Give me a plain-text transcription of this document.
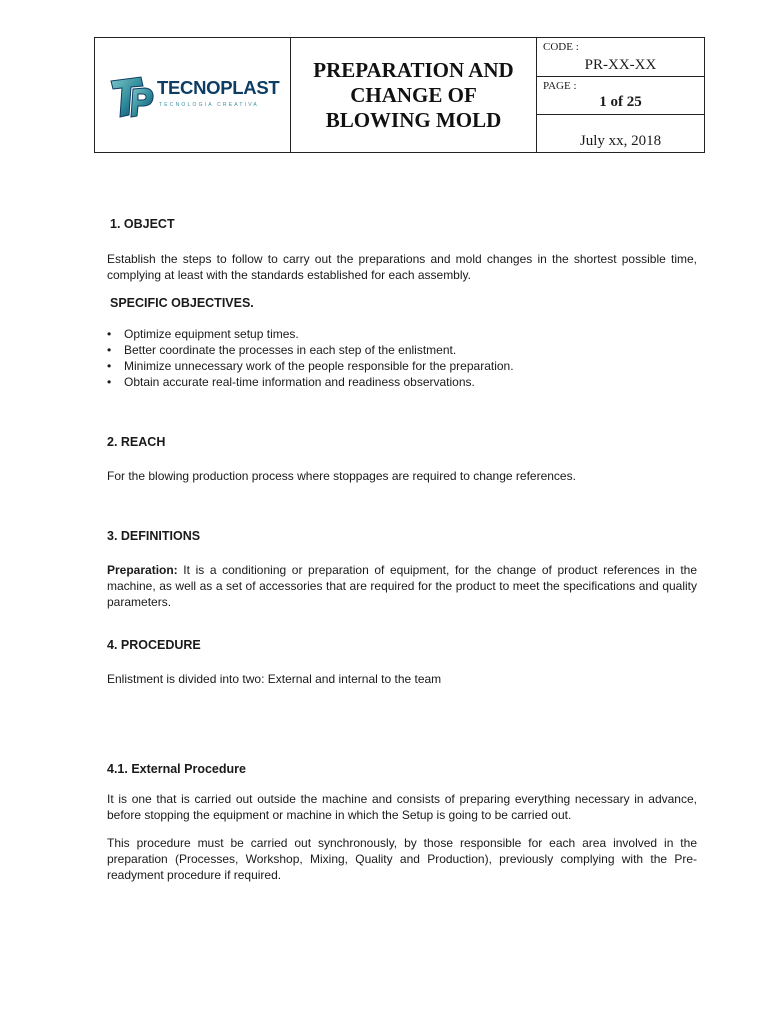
TECNOPLAST
TECNOLOGIA CREATIVA
PREPARATION AND
CHANGE OF
BLOWING MOLD
CODE :
PR-XX-XX
PAGE :
1 of 25
July xx, 2018
1. OBJECT
Establish the steps to follow to carry out the preparations and mold changes in the shortest possible time, complying at least with the standards established for each assembly.
SPECIFIC OBJECTIVES.
• Optimize equipment setup times.
• Better coordinate the processes in each step of the enlistment.
• Minimize unnecessary work of the people responsible for the preparation.
• Obtain accurate real-time information and readiness observations.
2. REACH
For the blowing production process where stoppages are required to change references.
3. DEFINITIONS
Preparation: It is a conditioning or preparation of equipment, for the change of product references in the machine, as well as a set of accessories that are required for the product to meet the specifications and quality parameters.
4. PROCEDURE
Enlistment is divided into two: External and internal to the team
4.1. External Procedure
It is one that is carried out outside the machine and consists of preparing everything necessary in advance, before stopping the equipment or machine in which the Setup is going to be carried out.
This procedure must be carried out synchronously, by those responsible for each area involved in the preparation (Processes, Workshop, Mixing, Quality and Production), previously complying with the Pre-readyment procedure if required.
